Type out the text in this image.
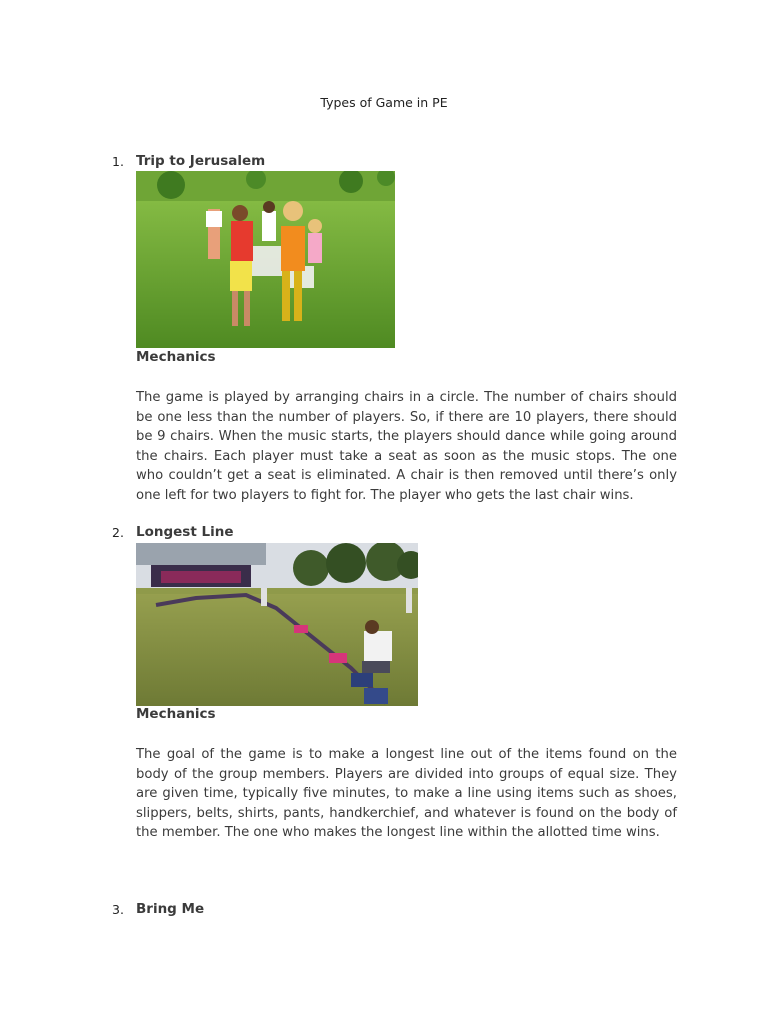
Types of Game in PE
1. Trip to Jerusalem
Mechanics
The game is played by arranging chairs in a circle. The number of chairs should be one less than the number of players. So, if there are 10 players, there should be 9 chairs. When the music starts, the players should dance while going around the chairs. Each player must take a seat as soon as the music stops. The one who couldn’t get a seat is eliminated. A chair is then removed until there’s only one left for two players to fight for. The player who gets the last chair wins.
2. Longest Line
Mechanics
The goal of the game is to make a longest line out of the items found on the body of the group members. Players are divided into groups of equal size. They are given time, typically five minutes, to make a line using items such as shoes, slippers, belts, shirts, pants, handkerchief, and whatever is found on the body of the member. The one who makes the longest line within the allotted time wins.
3. Bring Me
